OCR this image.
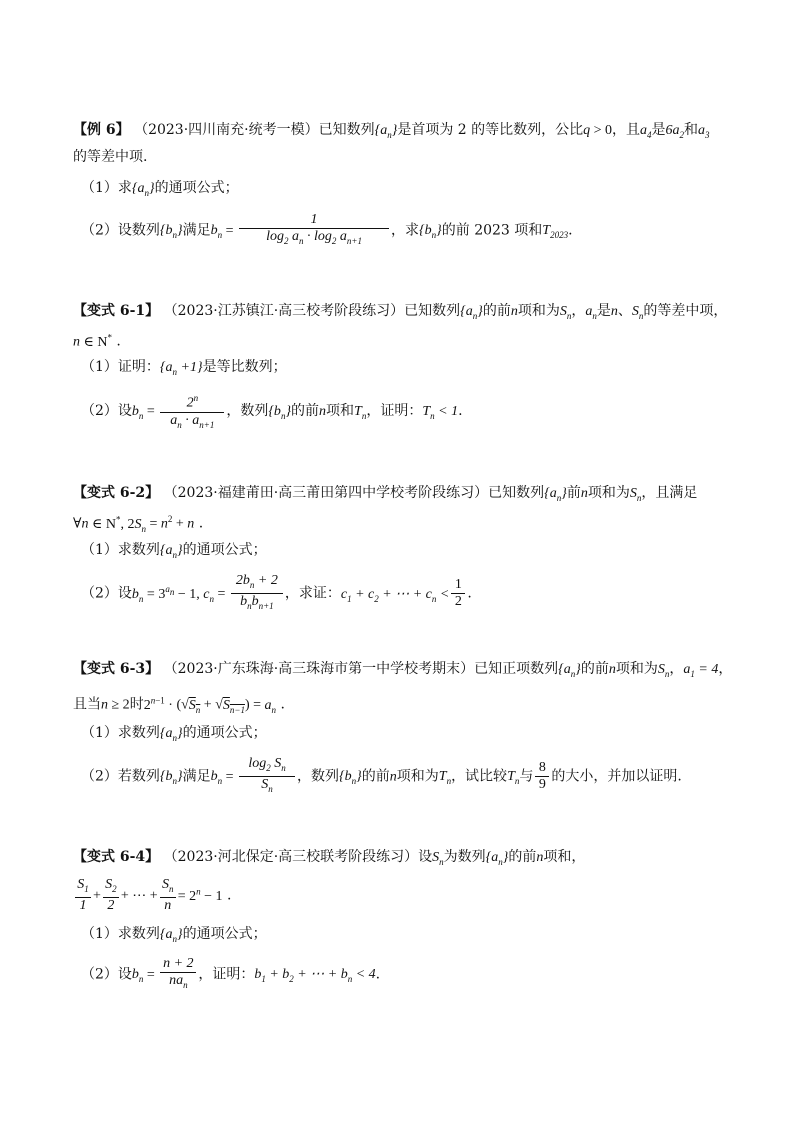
【例 6】 （2023·四川南充·统考一模）已知数列$\{a_n\}$是首项为 2 的等比数列，公比q > 0，且$a_4$是$6a_2$和$a_3$
的等差中项.
（1）求$\{a_n\}$的通项公式；
（2）设数列$\{b_n\}$满足$b_n = \frac{1}{\log_2 a_n \cdot \log_2 a_{n+1}}$ ，求$\{b_n\}$的前 2023 项和$T_{2023}$.
【变式 6-1】 （2023·江苏镇江·高三校考阶段练习）已知数列$\{a_n\}$的前n项和为$S_n$，$a_n$是n、$S_n$的等差中项，
n ∈ N* .
（1）证明：$\{a_n +1\}$是等比数列；
（2）设$b_n = \frac{2^n}{a_n \cdot a_{n+1}}$ ，数列$\{b_n\}$的前n项和$T_n$，证明：$T_n < 1$.
【变式 6-2】 （2023·福建莆田·高三莆田第四中学校考阶段练习）已知数列$\{a_n\}$前n项和为$S_n$，且满足
∀n ∈ N*, $2S_n = n^2 + n$ .
（1）求数列$\{a_n\}$的通项公式；
（2）设$b_n = 3^{a_n} - 1$, $c_n = \frac{2b_n + 2}{b_nb_{n+1}}$ ，求证：$c_1 + c_2$ + ⋯ + $c_n < \frac{1}{2}$ .
【变式 6-3】 （2023·广东珠海·高三珠海市第一中学校考期末）已知正项数列$\{a_n\}$的前n项和为$S_n$，$a_1 = 4$，
且当n ≥ 2时$2^{n-1} \cdot (√S_n + √S_{n-1}) = a_n$ .
（1）求数列$\{a_n\}$的通项公式；
（2）若数列$\{b_n\}$满足$b_n = \frac{\log_2 S_n}{S_n}$ ，数列$\{b_n\}$的前n项和为$T_n$，试比较$T_n$与 $\frac{8}{9}$ 的大小，并加以证明.
【变式 6-4】 （2023·河北保定·高三校联考阶段练习）设$S_n$为数列$\{a_n\}$的前n项和，
$\frac{S_1}{1} + \frac{S_2}{2}$ + ⋯ + $\frac{S_n}{n} = 2^n - 1$ .
（1）求数列$\{a_n\}$的通项公式；
（2）设$b_n = \frac{n + 2}{na_n}$ ，证明：$b_1 + b_2$ + ⋯ + $b_n < 4$.
